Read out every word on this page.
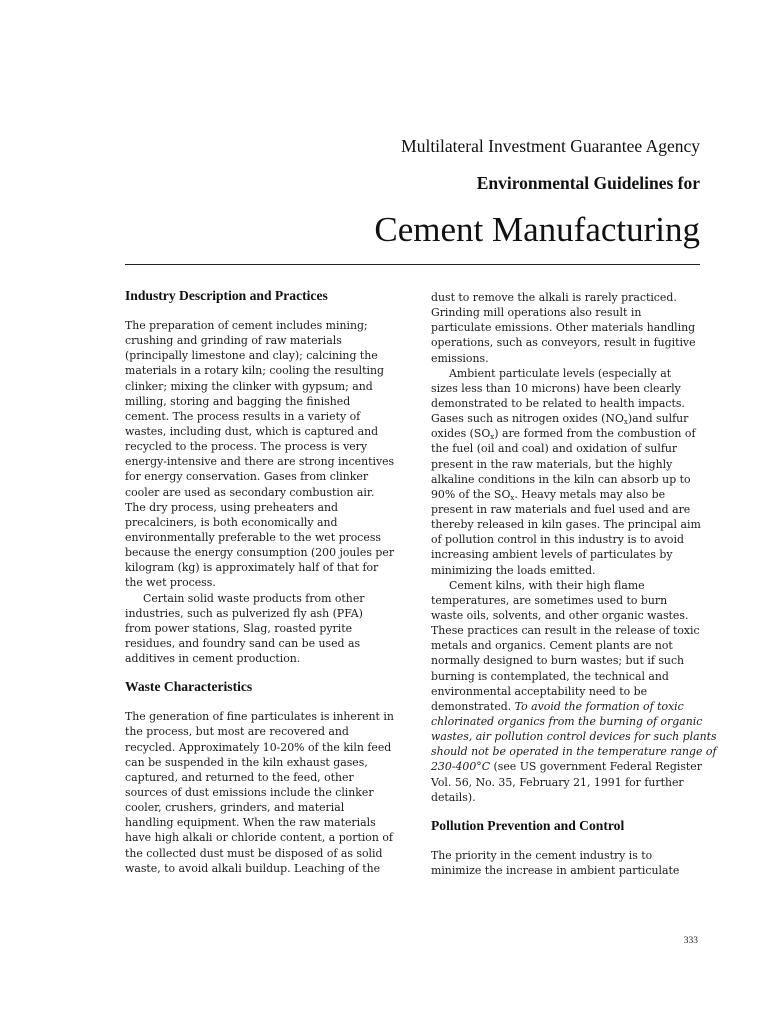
Multilateral Investment Guarantee Agency
Environmental Guidelines for
Cement Manufacturing
Industry Description and Practices
The preparation of cement includes mining;
crushing and grinding of raw materials
(principally limestone and clay); calcining the
materials in a rotary kiln; cooling the resulting
clinker; mixing the clinker with gypsum; and
milling, storing and bagging the finished
cement. The process results in a variety of
wastes, including dust, which is captured and
recycled to the process. The process is very
energy-intensive and there are strong incentives
for energy conservation. Gases from clinker
cooler are used as secondary combustion air.
The dry process, using preheaters and
precalciners, is both economically and
environmentally preferable to the wet process
because the energy consumption (200 joules per
kilogram (kg) is approximately half of that for
the wet process.
Certain solid waste products from other
industries, such as pulverized fly ash (PFA)
from power stations, Slag, roasted pyrite
residues, and foundry sand can be used as
additives in cement production.
Waste Characteristics
The generation of fine particulates is inherent in
the process, but most are recovered and
recycled. Approximately 10-20% of the kiln feed
can be suspended in the kiln exhaust gases,
captured, and returned to the feed, other
sources of dust emissions include the clinker
cooler, crushers, grinders, and material
handling equipment. When the raw materials
have high alkali or chloride content, a portion of
the collected dust must be disposed of as solid
waste, to avoid alkali buildup. Leaching of the
dust to remove the alkali is rarely practiced.
Grinding mill operations also result in
particulate emissions. Other materials handling
operations, such as conveyors, result in fugitive
emissions.
Ambient particulate levels (especially at
sizes less than 10 microns) have been clearly
demonstrated to be related to health impacts.
Gases such as nitrogen oxides $(NO_x)and$ sulfur
oxides $(SO_x)$ are formed from the combustion of
the fuel (oil and coal) and oxidation of sulfur
present in the raw materials, but the highly
alkaline conditions in the kiln can absorb up to
90% of the $SO_x$. Heavy metals may also be
present in raw materials and fuel used and are
thereby released in kiln gases. The principal aim
of pollution control in this industry is to avoid
increasing ambient levels of particulates by
minimizing the loads emitted.
Cement kilns, with their high flame
temperatures, are sometimes used to burn
waste oils, solvents, and other organic wastes.
These practices can result in the release of toxic
metals and organics. Cement plants are not
normally designed to burn wastes; but if such
burning is contemplated, the technical and
environmental acceptability need to be
demonstrated. To avoid the formation of toxic
chlorinated organics from the burning of organic
wastes, air pollution control devices for such plants
should not be operated in the temperature range of
230-400°C (see US government Federal Register
Vol. 56, No. 35, February 21, 1991 for further
details).
Pollution Prevention and Control
The priority in the cement industry is to
minimize the increase in ambient particulate
333
